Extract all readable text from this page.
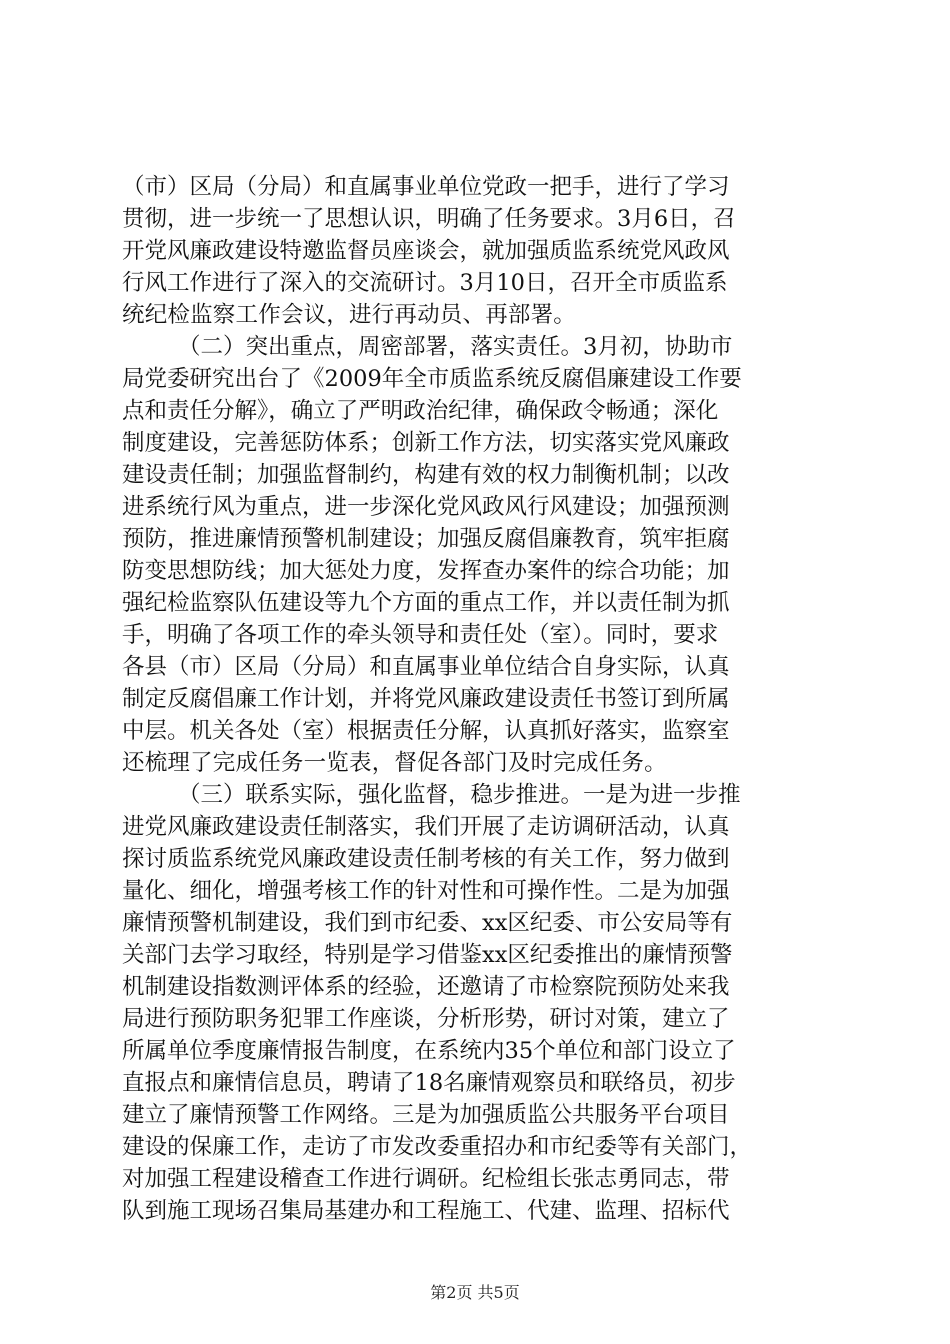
（市）区局（分局）和直属事业单位党政一把手，进行了学习
贯彻，进一步统一了思想认识，明确了任务要求。3月6日，召
开党风廉政建设特邀监督员座谈会，就加强质监系统党风政风
行风工作进行了深入的交流研讨。3月10日，召开全市质监系
统纪检监察工作会议，进行再动员、再部署。
（二）突出重点，周密部署，落实责任。3月初，协助市
局党委研究出台了《2009年全市质监系统反腐倡廉建设工作要
点和责任分解》，确立了严明政治纪律，确保政令畅通；深化
制度建设，完善惩防体系；创新工作方法，切实落实党风廉政
建设责任制；加强监督制约，构建有效的权力制衡机制；以改
进系统行风为重点，进一步深化党风政风行风建设；加强预测
预防，推进廉情预警机制建设；加强反腐倡廉教育，筑牢拒腐
防变思想防线；加大惩处力度，发挥查办案件的综合功能；加
强纪检监察队伍建设等九个方面的重点工作，并以责任制为抓
手，明确了各项工作的牵头领导和责任处（室）。同时，要求
各县（市）区局（分局）和直属事业单位结合自身实际，认真
制定反腐倡廉工作计划，并将党风廉政建设责任书签订到所属
中层。机关各处（室）根据责任分解，认真抓好落实，监察室
还梳理了完成任务一览表，督促各部门及时完成任务。
（三）联系实际，强化监督，稳步推进。一是为进一步推
进党风廉政建设责任制落实，我们开展了走访调研活动，认真
探讨质监系统党风廉政建设责任制考核的有关工作，努力做到
量化、细化，增强考核工作的针对性和可操作性。二是为加强
廉情预警机制建设，我们到市纪委、xx区纪委、市公安局等有
关部门去学习取经，特别是学习借鉴xx区纪委推出的廉情预警
机制建设指数测评体系的经验，还邀请了市检察院预防处来我
局进行预防职务犯罪工作座谈，分析形势，研讨对策，建立了
所属单位季度廉情报告制度，在系统内35个单位和部门设立了
直报点和廉情信息员，聘请了18名廉情观察员和联络员，初步
建立了廉情预警工作网络。三是为加强质监公共服务平台项目
建设的保廉工作，走访了市发改委重招办和市纪委等有关部门，
对加强工程建设稽查工作进行调研。纪检组长张志勇同志，带
队到施工现场召集局基建办和工程施工、代建、监理、招标代
第2页 共5页
